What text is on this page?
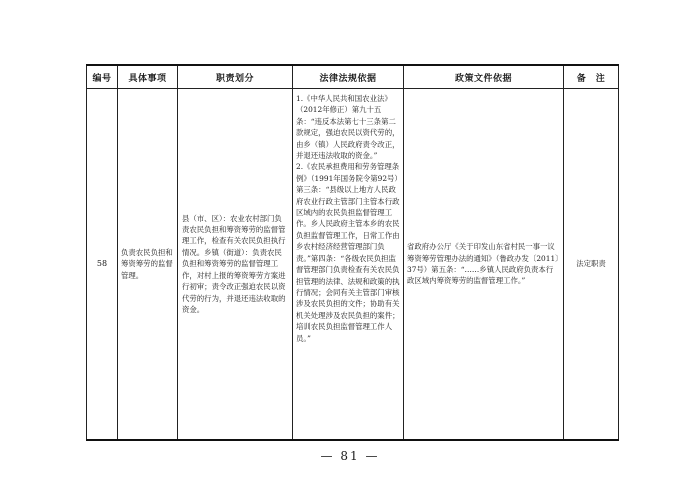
编号	具体事项	职责划分	法律法规依据	政策文件依据	备　注
58	负责农民负担和筹资筹劳的监督管理。	县（市、区）：农业农村部门负责农民负担和筹资筹劳的监督管理工作，检查有关农民负担执行情况。乡镇（街道）：负责农民负担和筹资筹劳的监督管理工作，对村上报的筹资筹劳方案进行初审；责令改正强迫农民以资代劳的行为，并退还违法收取的资金。	1.《中华人民共和国农业法》（2012年修正）第九十五条：“违反本法第七十三条第二款规定，强迫农民以资代劳的，由乡（镇）人民政府责令改正，并退还违法收取的资金。”

2.《农民承担费用和劳务管理条例》（1991年国务院令第92号）第三条：“县级以上地方人民政府农业行政主管部门主管本行政区域内的农民负担监督管理工作。乡人民政府主管本乡的农民负担监督管理工作，日常工作由乡农村经济经营管理部门负责。”第四条：“各级农民负担监督管理部门负责检查有关农民负担管理的法律、法规和政策的执行情况；会同有关主管部门审核涉及农民负担的文件；协助有关机关处理涉及农民负担的案件；培训农民负担监督管理工作人员。”	省政府办公厅《关于印发山东省村民一事一议筹资筹劳管理办法的通知》（鲁政办发〔2011〕37号）第五条：“……乡镇人民政府负责本行政区域内筹资筹劳的监督管理工作。”	法定职责
— 81 —
